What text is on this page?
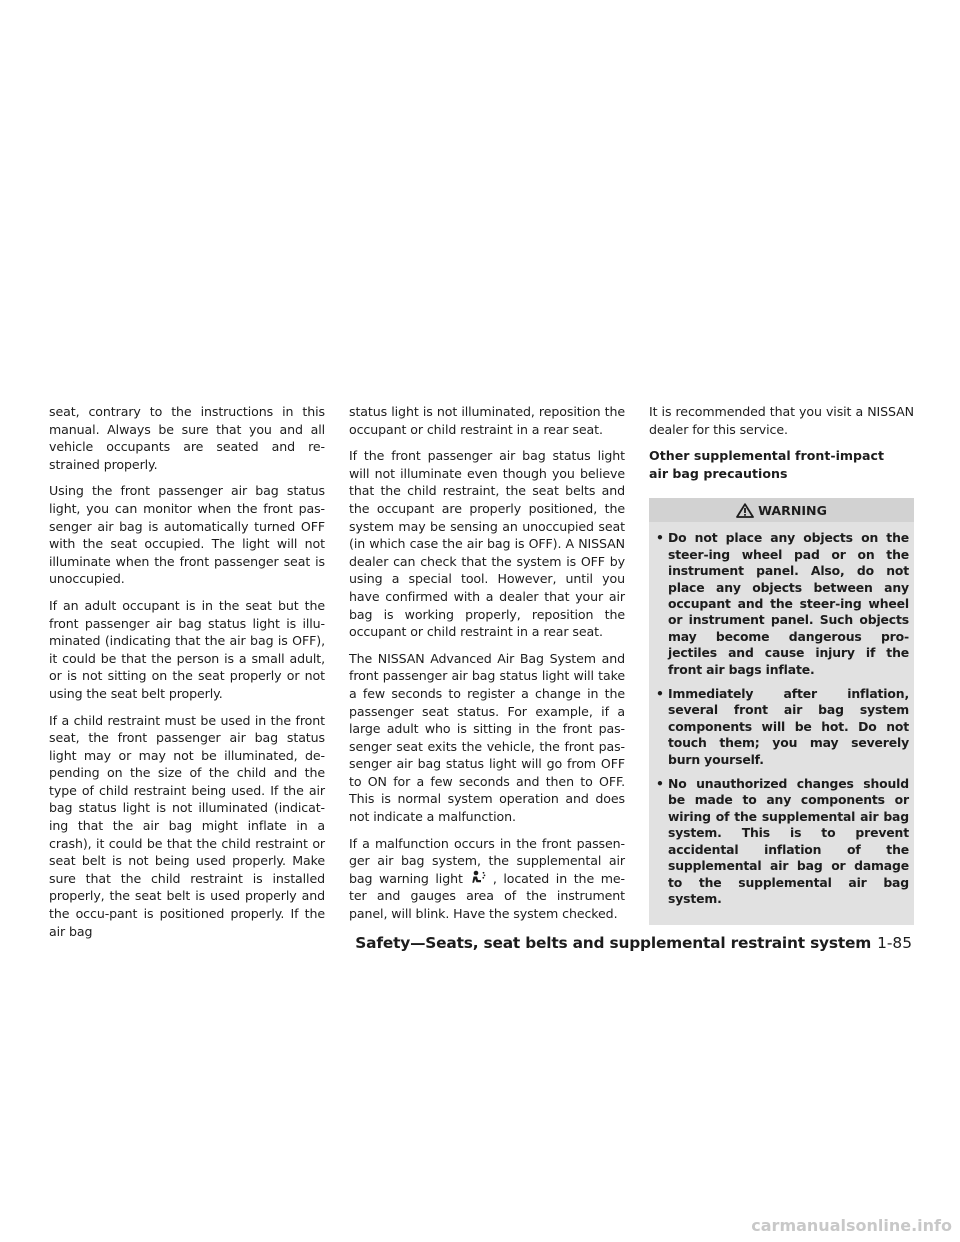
seat, contrary to the instructions in this manual. Always be sure that you and all vehicle occupants are seated and re-strained properly.

Using the front passenger air bag status light, you can monitor when the front pas-senger air bag is automatically turned OFF with the seat occupied. The light will not illuminate when the front passenger seat is unoccupied.

If an adult occupant is in the seat but the front passenger air bag status light is illu-minated (indicating that the air bag is OFF), it could be that the person is a small adult, or is not sitting on the seat properly or not using the seat belt properly.

If a child restraint must be used in the front seat, the front passenger air bag status light may or may not be illuminated, de-pending on the size of the child and the type of child restraint being used. If the air bag status light is not illuminated (indicat-ing that the air bag might inflate in a crash), it could be that the child restraint or seat belt is not being used properly. Make sure that the child restraint is installed properly, the seat belt is used properly and the occu-pant is positioned properly. If the air bag

status light is not illuminated, reposition the occupant or child restraint in a rear seat.

If the front passenger air bag status light will not illuminate even though you believe that the child restraint, the seat belts and the occupant are properly positioned, the system may be sensing an unoccupied seat (in which case the air bag is OFF). A NISSAN dealer can check that the system is OFF by using a special tool. However, until you have confirmed with a dealer that your air bag is working properly, reposition the occupant or child restraint in a rear seat.

The NISSAN Advanced Air Bag System and front passenger air bag status light will take a few seconds to register a change in the passenger seat status. For example, if a large adult who is sitting in the front pas-senger seat exits the vehicle, the front pas-senger air bag status light will go from OFF to ON for a few seconds and then to OFF. This is normal system operation and does not indicate a malfunction.

If a malfunction occurs in the front passen-ger air bag system, the supplemental air bag warning light , located in the me-ter and gauges area of the instrument panel, will blink. Have the system checked.

It is recommended that you visit a NISSAN dealer for this service.

Other supplemental front-impact
air bag precautions
WARNING
• Do not place any objects on the steer-ing wheel pad or on the instrument panel. Also, do not place any objects between any occupant and the steer-ing wheel or instrument panel. Such objects may become dangerous pro-jectiles and cause injury if the front air bags inflate.
• Immediately after inflation, several front air bag system components will be hot. Do not touch them; you may severely burn yourself.
• No unauthorized changes should be made to any components or wiring of the supplemental air bag system. This is to prevent accidental inflation of the supplemental air bag or damage to the supplemental air bag system.
Safety—Seats, seat belts and supplemental restraint system 1-85
carmanualsonline.info
